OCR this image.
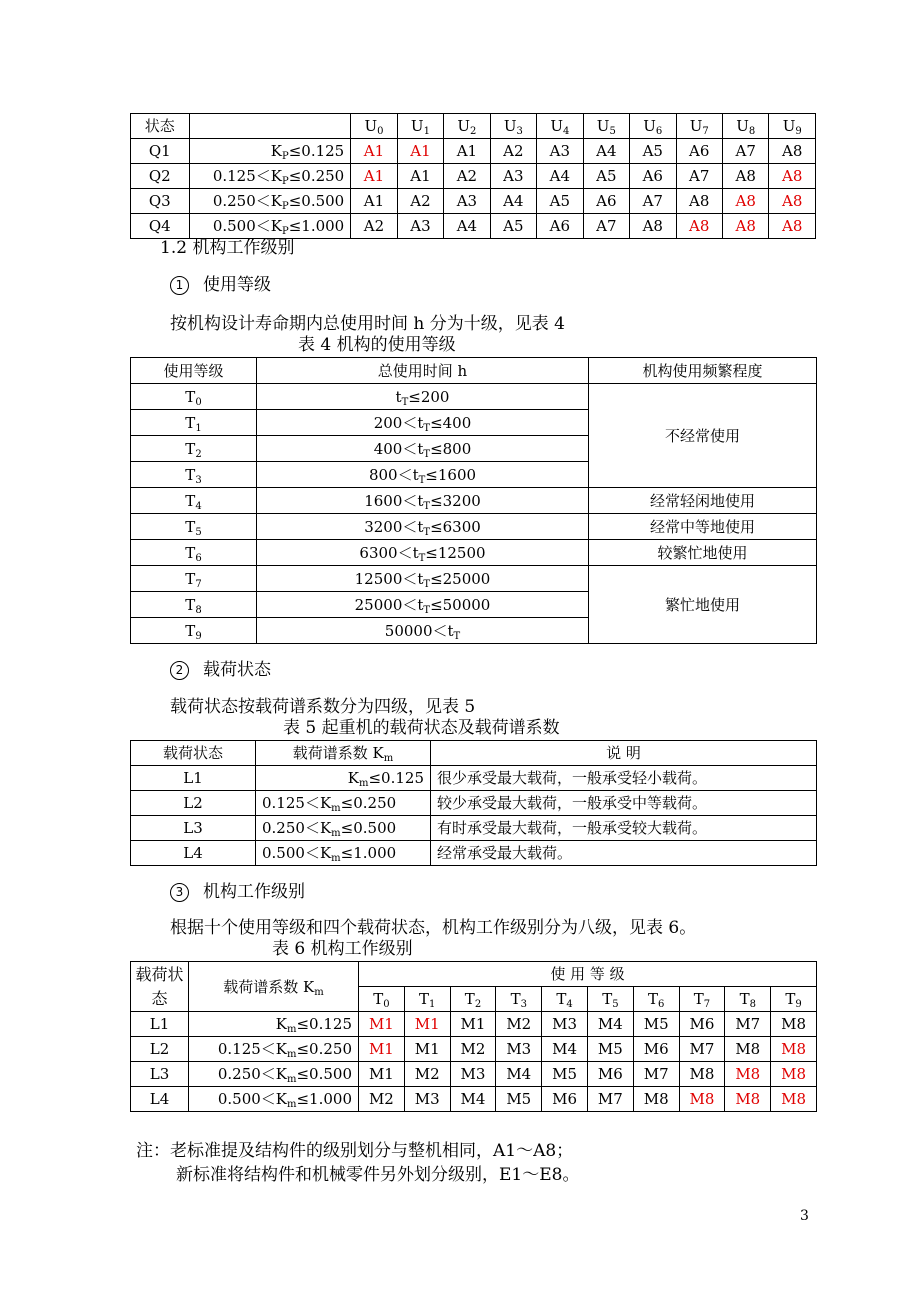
状态		$U_0$	$U_1$	$U_2$	$U_3$	$U_4$	$U_5$	$U_6$	$U_7$	$U_8$	$U_9$
Q1	$K_P\le 0.125$	A1	A1	A1	A2	A3	A4	A5	A6	A7	A8
Q2	$0.125<K_P\le 0.250$	A1	A1	A2	A3	A4	A5	A6	A7	A8	A8
Q3	$0.250<K_P\le 0.500$	A1	A2	A3	A4	A5	A6	A7	A8	A8	A8
Q4	$0.500<K_P\le 1.000$	A2	A3	A4	A5	A6	A7	A8	A8	A8	A8
1.2 机构工作级别
1 使用等级
按机构设计寿命期内总使用时间 h 分为十级，见表 4
表 4 机构的使用等级
使用等级	总使用时间 h	机构使用频繁程度
$T_0$	$t_T\le 200$	不经常使用
$T_1$	$200<t_T\le 400$	
$T_2$	$400<t_T\le 800$	
$T_3$	$800<t_T\le 1600$	
$T_4$	$1600<t_T\le 3200$	经常轻闲地使用
$T_5$	$3200<t_T\le 6300$	经常中等地使用
$T_6$	$6300<t_T\le 12500$	较繁忙地使用
$T_7$	$12500<t_T\le 25000$	繁忙地使用
$T_8$	$25000<t_T\le 50000$	
$T_9$	$50000<t_T$
2 载荷状态
载荷状态按载荷谱系数分为四级，见表 5
表 5 起重机的载荷状态及载荷谱系数
载荷状态	载荷谱系数 $K_m$	说 明
L1	$K_m\le 0.125$	很少承受最大载荷，一般承受轻小载荷。
L2	$0.125<K_m\le 0.250$	较少承受最大载荷，一般承受中等载荷。
L3	$0.250<K_m\le 0.500$	有时承受最大载荷，一般承受较大载荷。
L4	$0.500<K_m\le 1.000$	经常承受最大载荷。
3 机构工作级别
根据十个使用等级和四个载荷状态，机构工作级别分为八级，见表 6。
表 6 机构工作级别
载荷状态	载荷谱系数 $K_m$	使 用 等 级									
		$T_0$	$T_1$	$T_2$	$T_3$	$T_4$	$T_5$	$T_6$	$T_7$	$T_8$	$T_9$
L1	$K_m\le 0.125$	M1	M1	M1	M2	M3	M4	M5	M6	M7	M8
L2	$0.125<K_m\le 0.250$	M1	M1	M2	M3	M4	M5	M6	M7	M8	M8
L3	$0.250<K_m\le 0.500$	M1	M2	M3	M4	M5	M6	M7	M8	M8	M8
L4	$0.500<K_m\le 1.000$	M2	M3	M4	M5	M6	M7	M8	M8	M8	M8
注：老标准提及结构件的级别划分与整机相同，A1～A8；
新标准将结构件和机械零件另外划分级别，E1～E8。
3
